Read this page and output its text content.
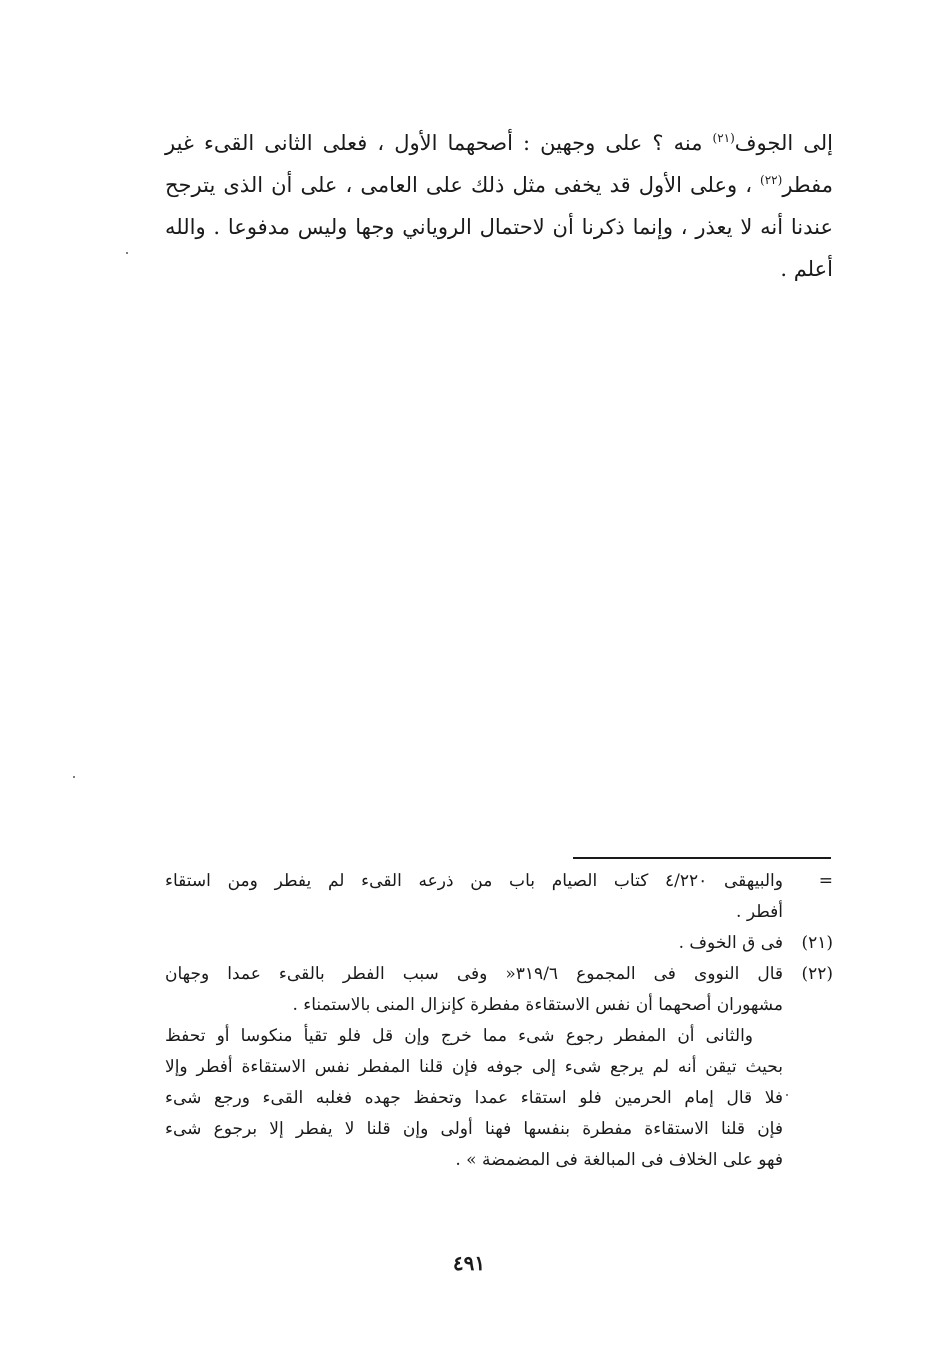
إلى الجوف$^{(٢١)}$ منه ؟ على وجهين : أصحهما الأول ، فعلى الثانى القىء غير
مفطر$^{(٢٢)}$ ، وعلى الأول قد يخفى مثل ذلك على العامى ، على أن الذى يترجح
عندنا أنه لا يعذر ، وإنما ذكرنا أن لاحتمال الروياني وجها وليس مدفوعا . والله
أعلم .
=
والبيهقى ٤/٢٢٠ كتاب الصيام باب من ذرعه القىء لم يفطر ومن استقاء
أفطر .
(٢١)
فى ق الخوف .
(٢٢)
قال النووى فى المجموع ٣١٩/٦« وفى سبب الفطر بالقىء عمدا وجهان
مشهوران أصحهما أن نفس الاستقاءة مفطرة كإنزال المنى بالاستمناء .
والثانى أن المفطر رجوع شىء مما خرج وإن قل فلو تقيأ منكوسا أو تحفظ
بحيث تيقن أنه لم يرجع شىء إلى جوفه فإن قلنا المفطر نفس الاستقاءة أفطر وإلا
فلا قال إمام الحرمين فلو استقاء عمدا وتحفظ جهده فغلبه القىء ورجع شىء
فإن قلنا الاستقاءة مفطرة بنفسها فهنا أولى وإن قلنا لا يفطر إلا برجوع شىء
فهو على الخلاف فى المبالغة فى المضمضة » .
٤٩١
